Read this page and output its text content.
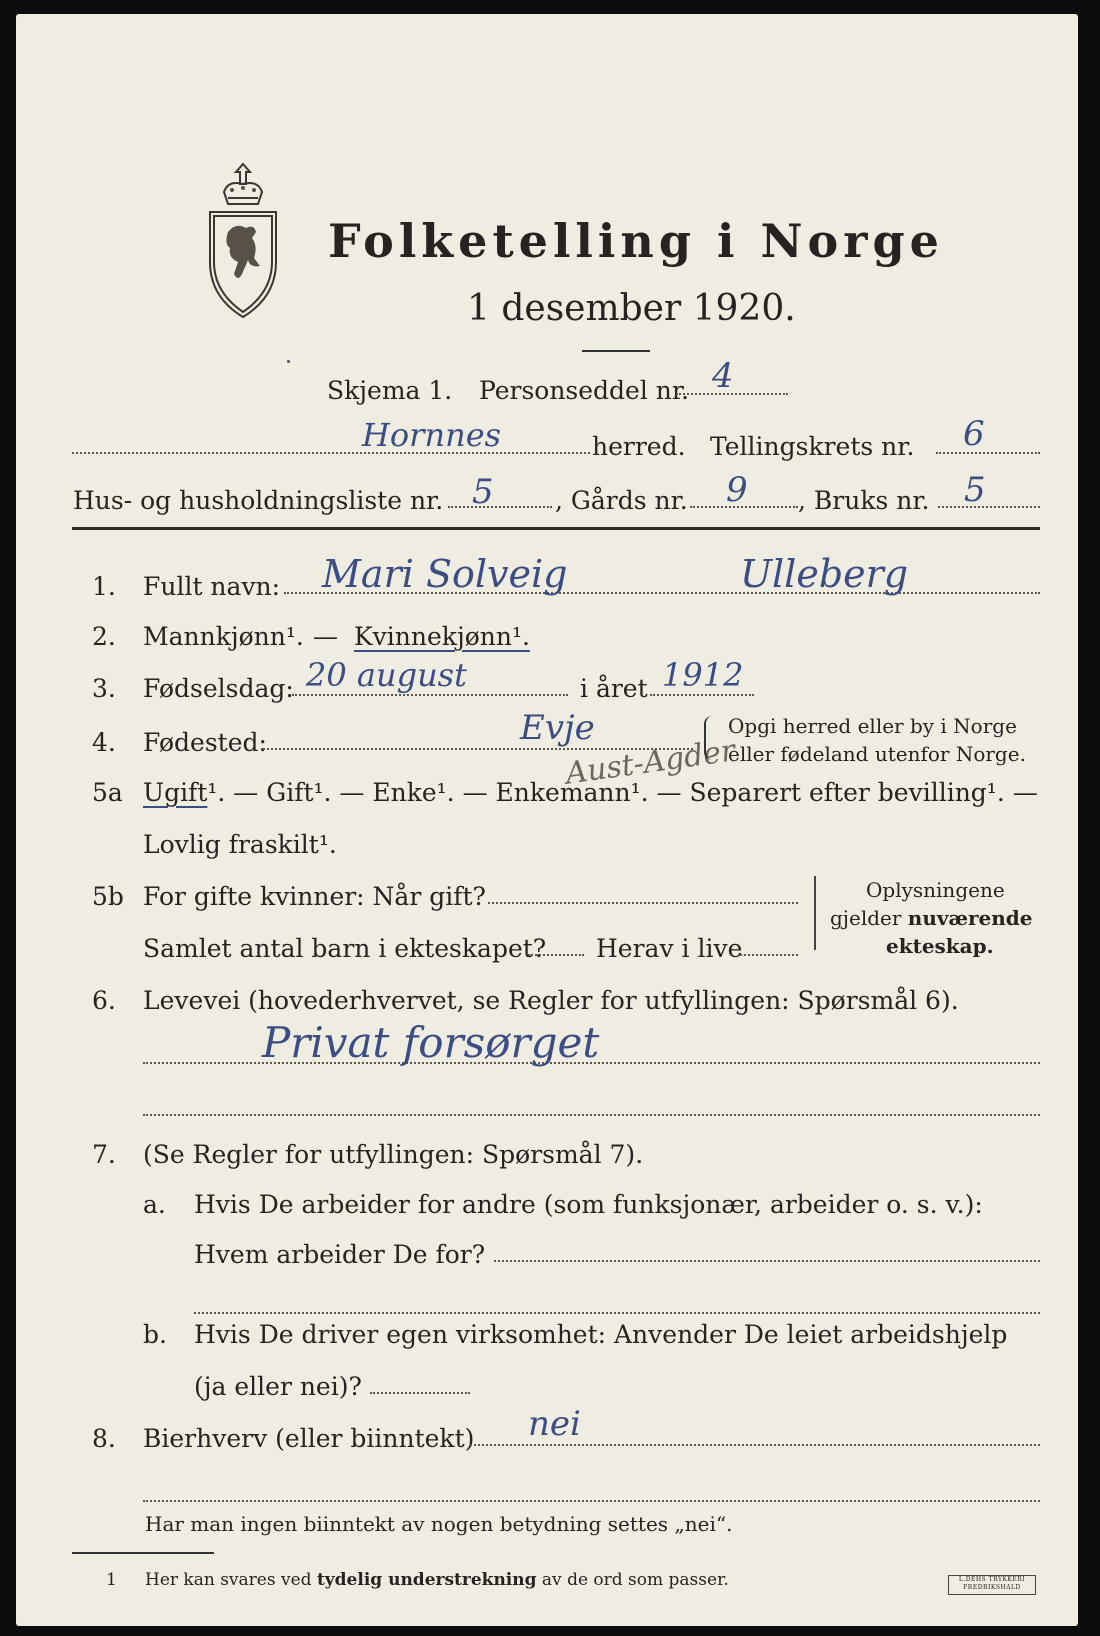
Folketelling i Norge
1 desember 1920.
Skjema 1. Personseddel nr. 4
Hornnes	herred. Tellingskrets nr. 6
Hus- og husholdningsliste nr. 5 , Gårds nr. 9 , Bruks nr. 5
1. Fullt navn: Mari Solveig	Ulleberg
2. Mannkjønn¹. — Kvinnekjønn¹.
3. Fødselsdag: 20 august	i året 1912
4. Fødested:	Evje
Aust-Agder
Opgi herred eller by i Norge
eller fødeland utenfor Norge.
5a Ugift¹. — Gift¹. — Enke¹. — Enkemann¹. — Separert efter bevilling¹. —
Lovlig fraskilt¹.
5b For gifte kvinner: Når gift?
Samlet antal barn i ekteskapet? Herav i live
Oplysningene
gjelder nuværende
ekteskap.
6. Levevei (hovederhvervet, se Regler for utfyllingen: Spørsmål 6).
Privat forsørget
7. (Se Regler for utfyllingen: Spørsmål 7).
a. Hvis De arbeider for andre (som funksjonær, arbeider o. s. v.):
Hvem arbeider De for?
b. Hvis De driver egen virksomhet: Anvender De leiet arbeidshjelp
(ja eller nei)?
8. Bierhverv (eller biinntekt) nei
Har man ingen biinntekt av nogen betydning settes „nei“.
1 Her kan svares ved tydelig understrekning av de ord som passer.	L.DEHS TRYKKERI
FREDRIKSHALD
